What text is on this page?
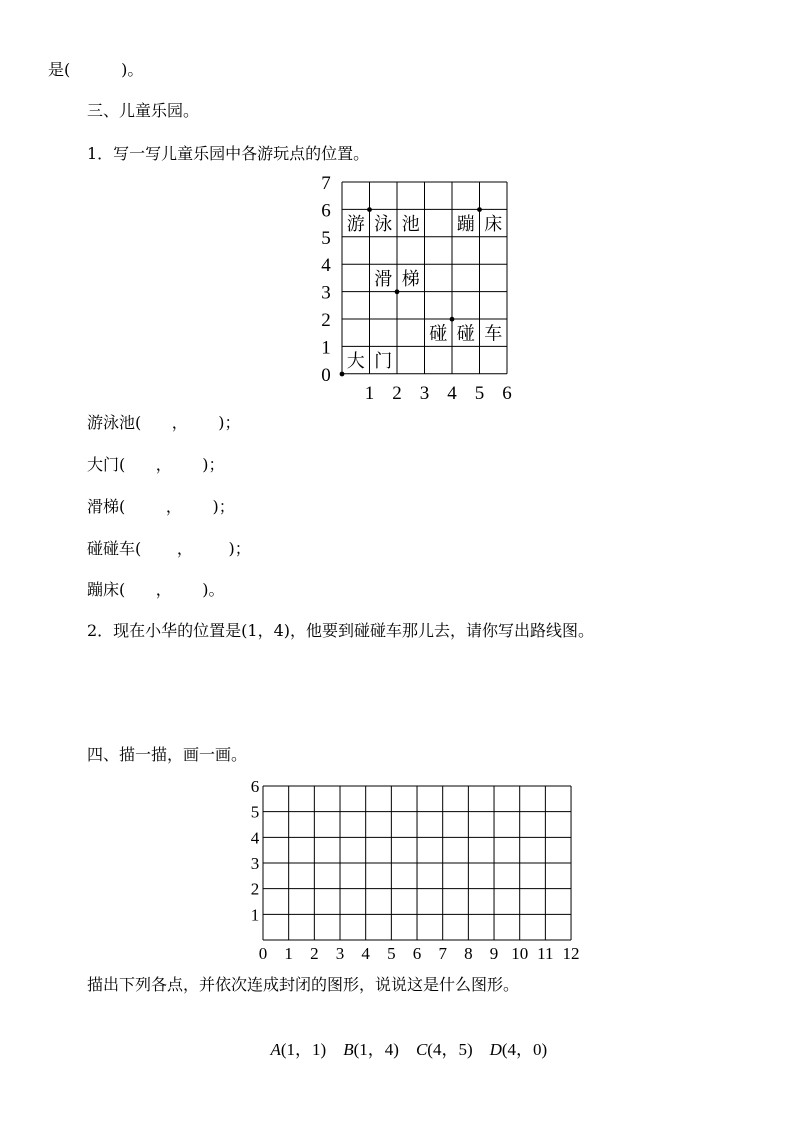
是(          )。
三、儿童乐园。
1．写一写儿童乐园中各游玩点的位置。
0
1
2
3
4
5
6
7
1 2 3 4 5 6
游 泳 池 蹦 床
滑 梯
碰 碰 车
大 门
游泳池(      ，      )；
大门(      ，      )；
滑梯(        ，      )；
碰碰车(       ，       )；
蹦床(      ，      )。
2．现在小华的位置是(1，4)，他要到碰碰车那儿去，请你写出路线图。
四、描一描，画一画。
1
2
3
4
5
6
0 1 2 3 4 5 6 7 8 9 10 11 12
描出下列各点，并依次连成封闭的图形，说说这是什么图形。

A(1，1) B(1，4) C(4，5) D(4，0)
